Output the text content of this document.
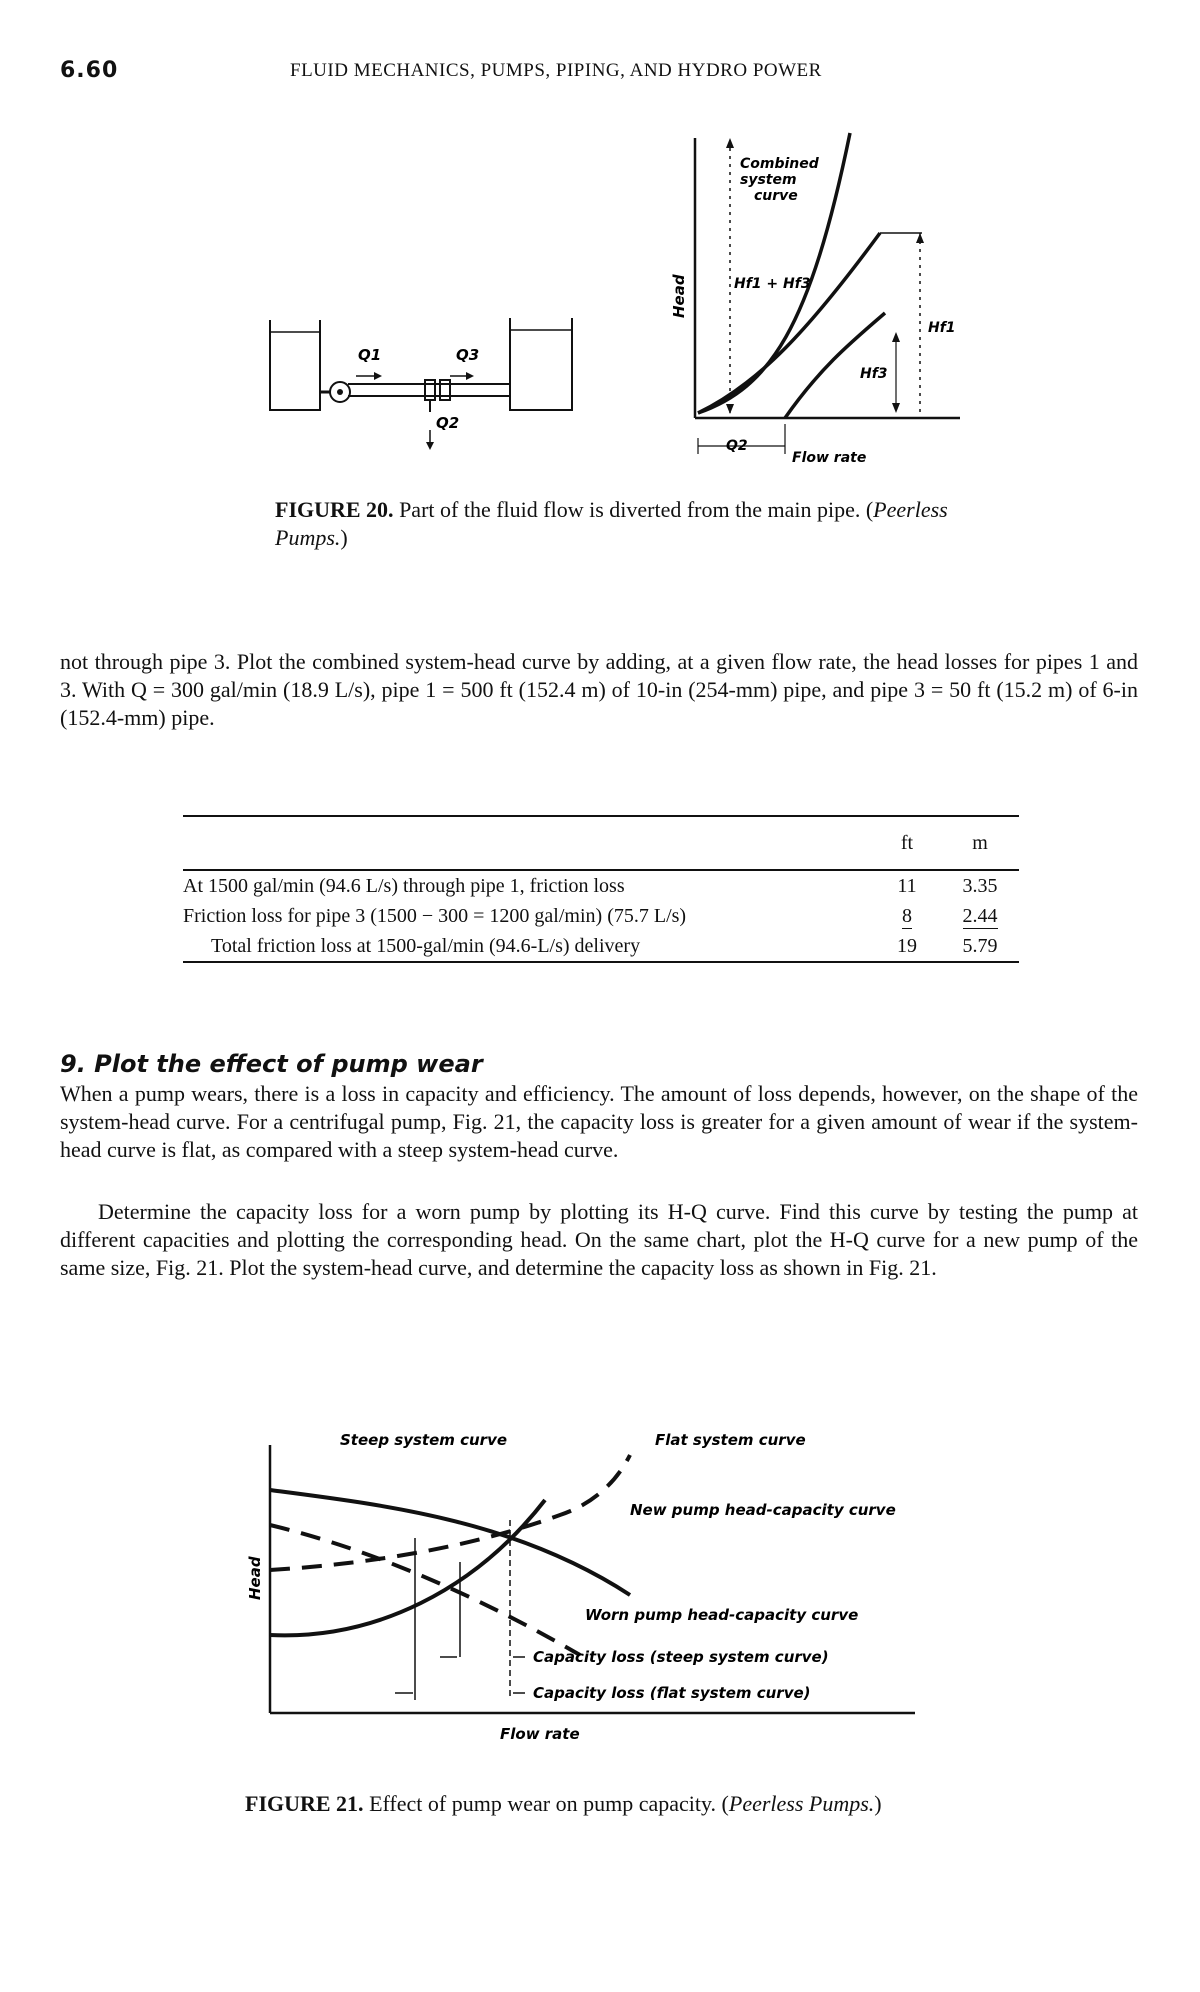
6.60	FLUID MECHANICS, PUMPS, PIPING, AND HYDRO POWER
Q1	Q3
Q2
Combined
system
curve
Hf1 + Hf3
Hf1
Hf3
Q2
Flow rate
Head
FIGURE 20. Part of the fluid flow is diverted from the main pipe. (Peerless Pumps.)
not through pipe 3. Plot the combined system-head curve by adding, at a given flow rate, the head losses for pipes 1 and 3. With Q = 300 gal/min (18.9 L/s), pipe 1 = 500 ft (152.4 m) of 10-in (254-mm) pipe, and pipe 3 = 50 ft (15.2 m) of 6-in (152.4-mm) pipe.
	ft	m
At 1500 gal/min (94.6 L/s) through pipe 1, friction loss	11	3.35
Friction loss for pipe 3 (1500 − 300 = 1200 gal/min) (75.7 L/s)	8	2.44
Total friction loss at 1500-gal/min (94.6-L/s) delivery	19	5.79
9. Plot the effect of pump wear
When a pump wears, there is a loss in capacity and efficiency. The amount of loss depends, however, on the shape of the system-head curve. For a centrifugal pump, Fig. 21, the capacity loss is greater for a given amount of wear if the system-head curve is flat, as compared with a steep system-head curve.
Determine the capacity loss for a worn pump by plotting its H-Q curve. Find this curve by testing the pump at different capacities and plotting the corresponding head. On the same chart, plot the H-Q curve for a new pump of the same size, Fig. 21. Plot the system-head curve, and determine the capacity loss as shown in Fig. 21.
Steep system curve	Flat system curve
New pump head-capacity curve
Worn pump head-capacity curve
Capacity loss (steep system curve)
Capacity loss (flat system curve)
Flow rate
Head
FIGURE 21. Effect of pump wear on pump capacity. (Peerless Pumps.)
